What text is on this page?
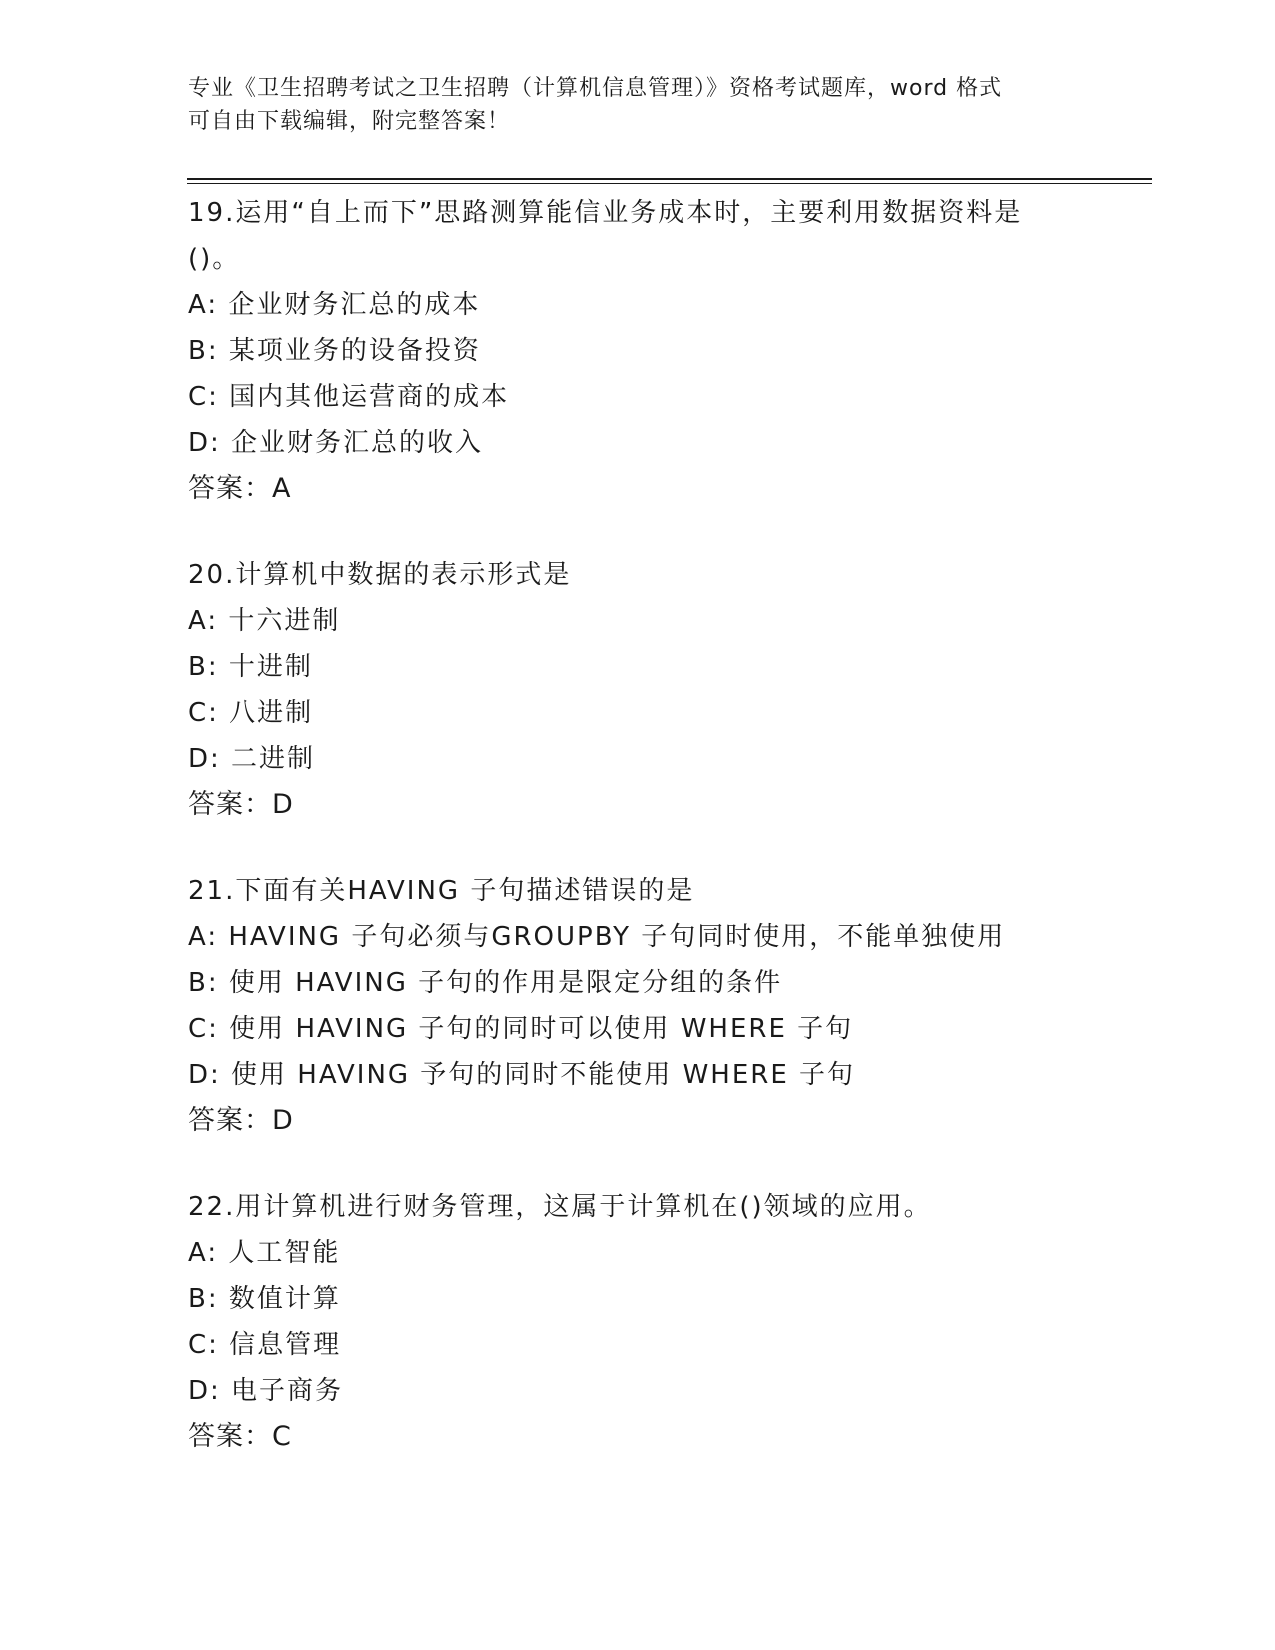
专业《卫生招聘考试之卫生招聘（计算机信息管理）》资格考试题库，word 格式
可自由下载编辑，附完整答案！
19.运用“自上而下”思路测算能信业务成本时，主要利用数据资料是
()。
A: 企业财务汇总的成本
B: 某项业务的设备投资
C: 国内其他运营商的成本
D: 企业财务汇总的收入
答案：A
20.计算机中数据的表示形式是
A: 十六进制
B: 十进制
C: 八进制
D: 二进制
答案：D
21.下面有关HAVING 子句描述错误的是
A: HAVING 子句必须与GROUPBY 子句同时使用，不能单独使用
B: 使用 HAVING 子句的作用是限定分组的条件
C: 使用 HAVING 子句的同时可以使用 WHERE 子句
D: 使用 HAVING 予句的同时不能使用 WHERE 子句
答案：D
22.用计算机进行财务管理，这属于计算机在()领域的应用。
A: 人工智能
B: 数值计算
C: 信息管理
D: 电子商务
答案：C
